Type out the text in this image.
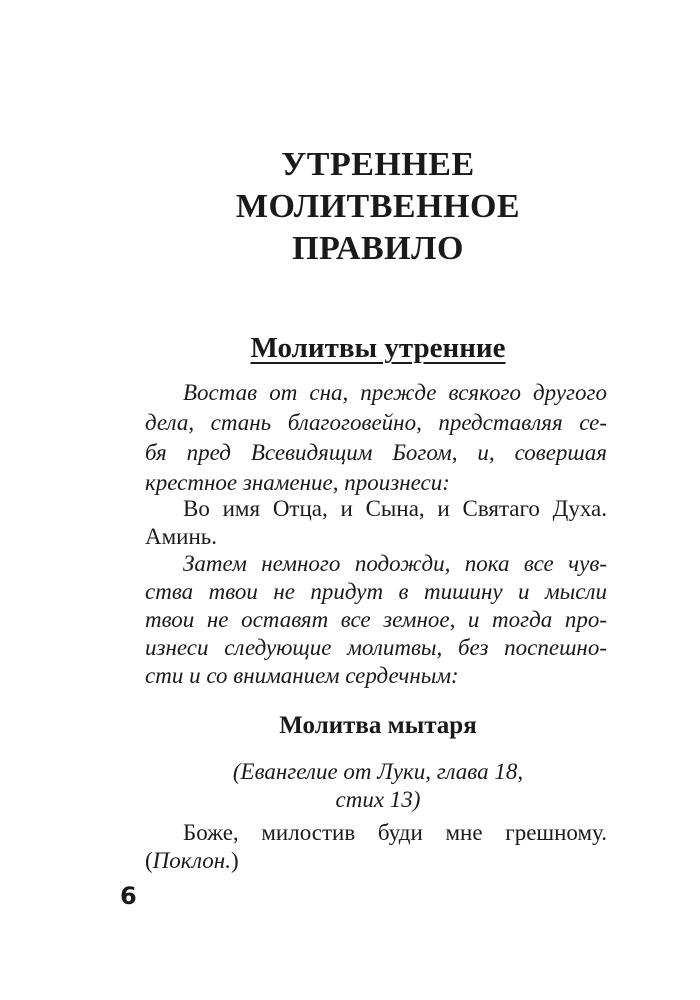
УТРЕННЕЕ
МОЛИТВЕННОЕ
ПРАВИЛО
Молитвы утренние
Востав от сна, прежде всякого другого
дела, стань благоговейно, представляя се-
бя пред Всевидящим Богом, и, совершая
крестное знамение, произнеси:
Во имя Отца, и Сына, и Святаго Духа.
Аминь.
Затем немного подожди, пока все чув-
ства твои не придут в тишину и мысли
твои не оставят все земное, и тогда про-
изнеси следующие молитвы, без поспешно-
сти и со вниманием сердечным:
Молитва мытаря
(Евангелие от Луки, глава 18,
стих 13)
Боже, милостив буди мне грешному.
(Поклон.)
6
